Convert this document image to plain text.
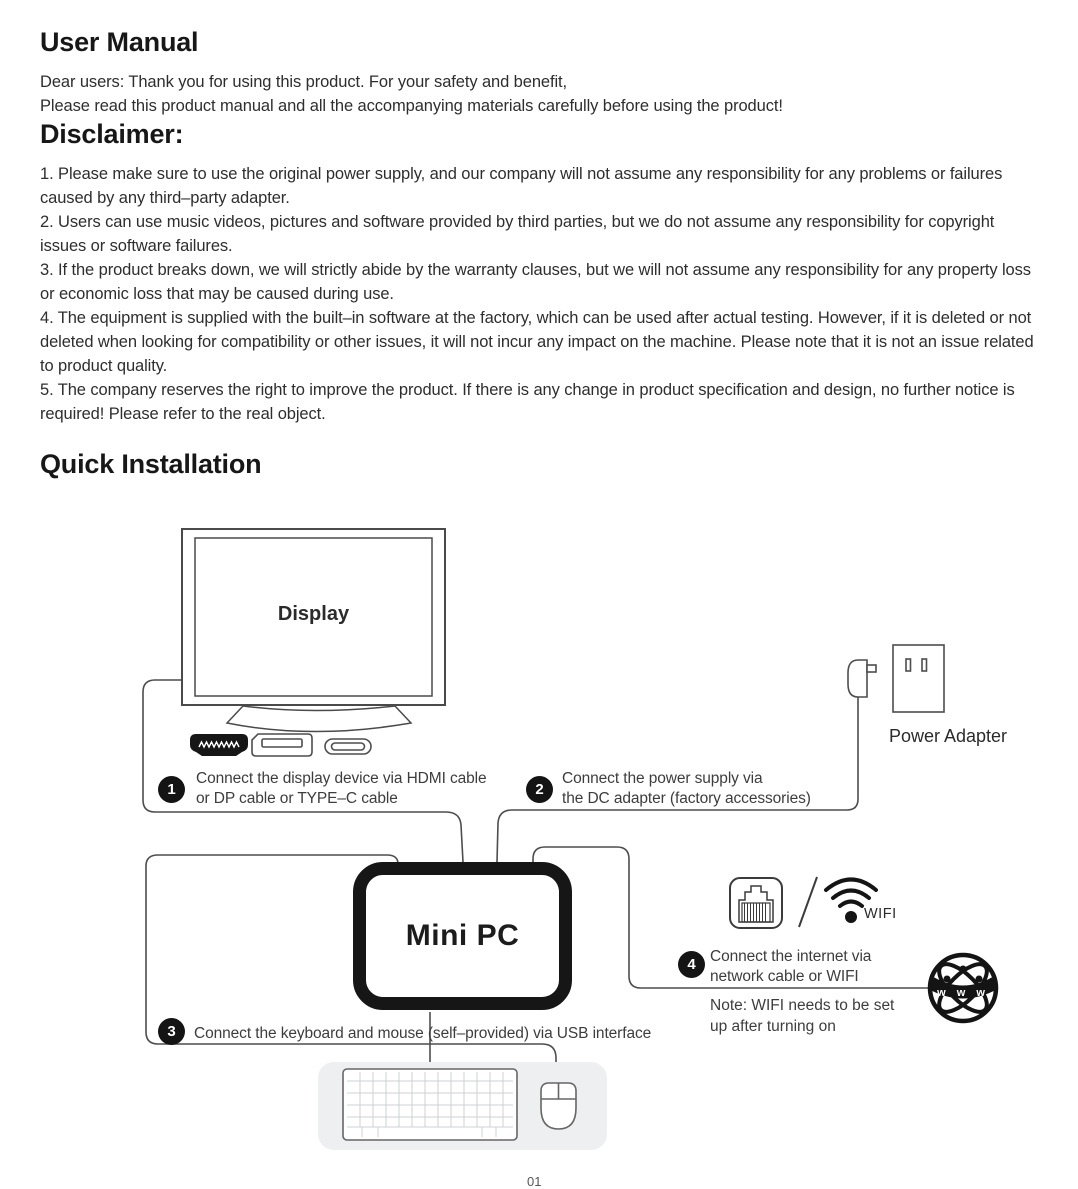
User Manual

Dear users: Thank you for using this product. For your safety and benefit,

Please read this product manual and all the accompanying materials carefully before using the product!

Disclaimer:

1. Please make sure to use the original power supply, and our company will not assume any responsibility for any problems or failures caused by any third–party adapter.

2. Users can use music videos, pictures and software provided by third parties, but we do not assume any responsibility for copyright issues or software failures.

3. If the product breaks down, we will strictly abide by the warranty clauses, but we will not assume any responsibility for any property loss or economic loss that may be caused during use.

4. The equipment is supplied with the built–in software at the factory, which can be used after actual testing. However, if it is deleted or not deleted when looking for compatibility or other issues, it will not incur any impact on the machine. Please note that it is not an issue related to product quality.

5. The company reserves the right to improve the product. If there is any change in product specification and design, no further notice is required! Please refer to the real object.

Quick Installation
w w w
Display
Mini PC
Power Adapter
WIFI
1
Connect the display device via HDMI cable
or DP cable or TYPE–C cable
2
Connect the power supply via
the DC adapter (factory accessories)
3	Connect the keyboard and mouse (self–provided) via USB interface
4 Connect the internet via
network cable or WIFI
Note: WIFI needs to be set
up after turning on
01
